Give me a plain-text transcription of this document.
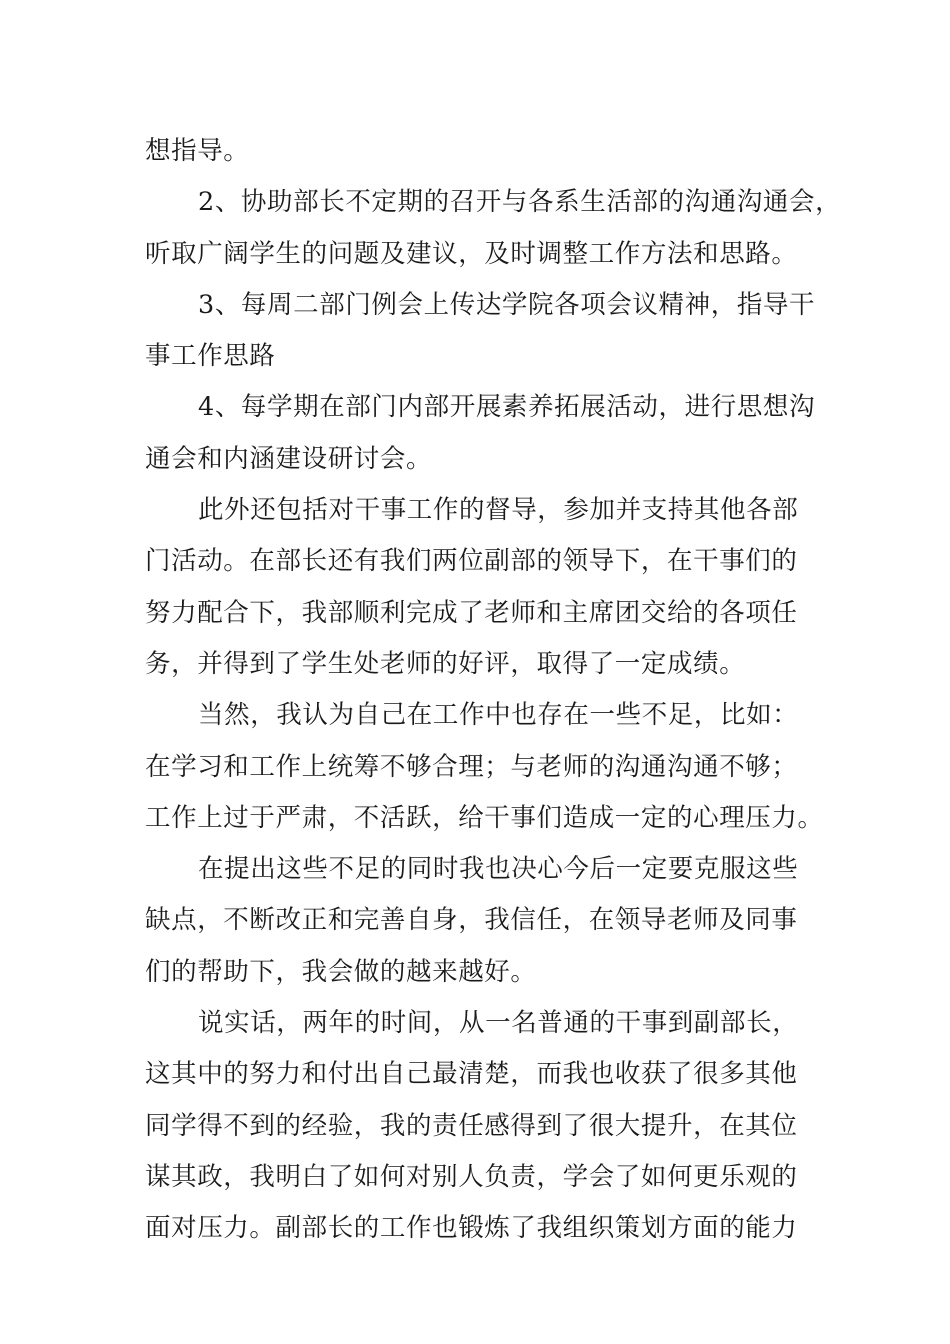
想指导。
2、协助部长不定期的召开与各系生活部的沟通沟通会，
听取广阔学生的问题及建议，及时调整工作方法和思路。
3、每周二部门例会上传达学院各项会议精神，指导干
事工作思路
4、每学期在部门内部开展素养拓展活动，进行思想沟
通会和内涵建设研讨会。
此外还包括对干事工作的督导，参加并支持其他各部
门活动。在部长还有我们两位副部的领导下，在干事们的
努力配合下，我部顺利完成了老师和主席团交给的各项任
务，并得到了学生处老师的好评，取得了一定成绩。
当然，我认为自己在工作中也存在一些不足，比如：
在学习和工作上统筹不够合理；与老师的沟通沟通不够；
工作上过于严肃，不活跃，给干事们造成一定的心理压力。
在提出这些不足的同时我也决心今后一定要克服这些
缺点，不断改正和完善自身，我信任，在领导老师及同事
们的帮助下，我会做的越来越好。
说实话，两年的时间，从一名普通的干事到副部长，
这其中的努力和付出自己最清楚，而我也收获了很多其他
同学得不到的经验，我的责任感得到了很大提升，在其位
谋其政，我明白了如何对别人负责，学会了如何更乐观的
面对压力。副部长的工作也锻炼了我组织策划方面的能力
